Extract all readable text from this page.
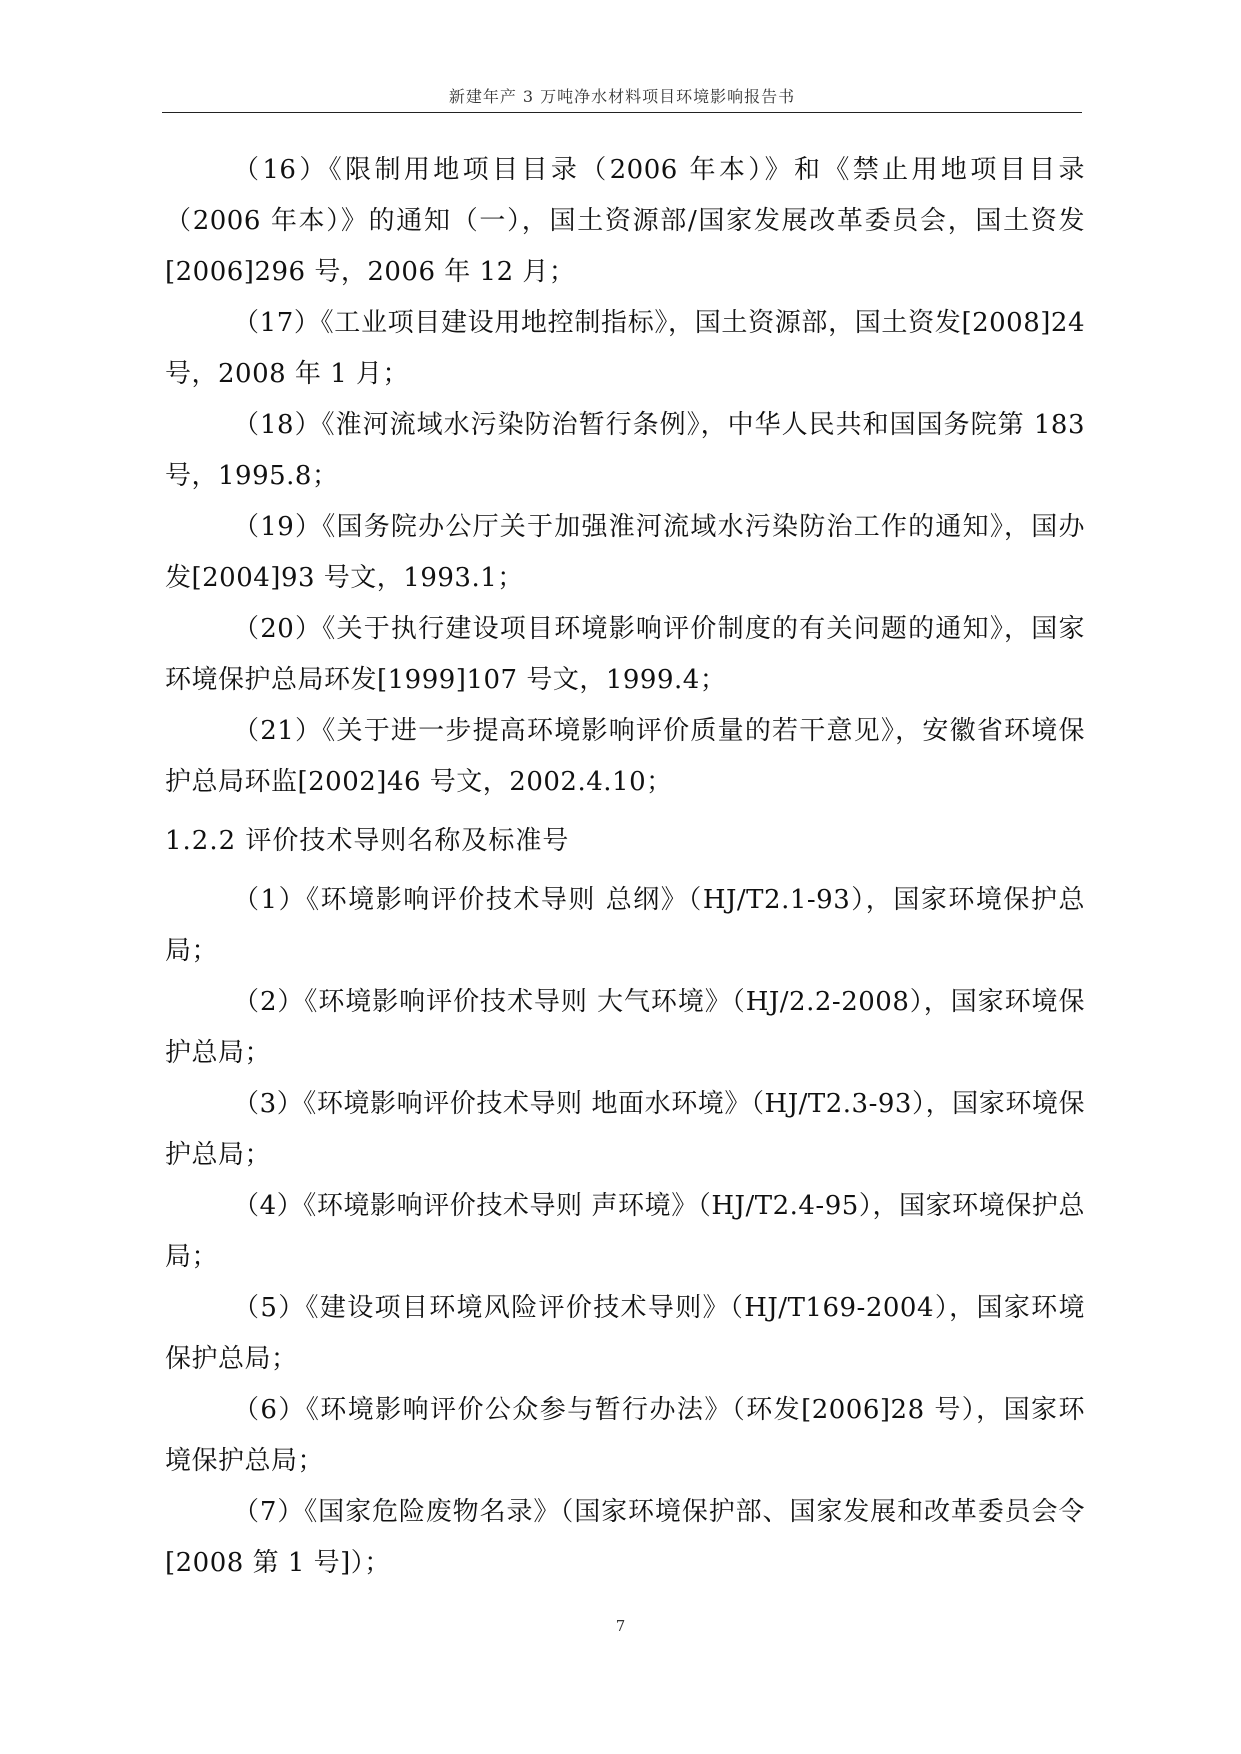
新建年产 3 万吨净水材料项目环境影响报告书

（16）《限制用地项目目录（2006 年本）》和《禁止用地项目目录（2006 年本）》的通知（一），国土资源部/国家发展改革委员会，国土资发[2006]296 号，2006 年 12 月；

（17）《工业项目建设用地控制指标》，国土资源部，国土资发[2008]24 号，2008 年 1 月；

（18）《淮河流域水污染防治暂行条例》，中华人民共和国国务院第 183 号，1995.8；

（19）《国务院办公厅关于加强淮河流域水污染防治工作的通知》，国办发[2004]93 号文，1993.1；

（20）《关于执行建设项目环境影响评价制度的有关问题的通知》，国家环境保护总局环发[1999]107 号文，1999.4；

（21）《关于进一步提高环境影响评价质量的若干意见》，安徽省环境保护总局环监[2002]46 号文，2002.4.10；

1.2.2 评价技术导则名称及标准号

（1）《环境影响评价技术导则 总纲》（HJ/T2.1-93），国家环境保护总局；

（2）《环境影响评价技术导则 大气环境》（HJ/2.2-2008），国家环境保护总局；

（3）《环境影响评价技术导则 地面水环境》（HJ/T2.3-93），国家环境保护总局；

（4）《环境影响评价技术导则 声环境》（HJ/T2.4-95），国家环境保护总局；

（5）《建设项目环境风险评价技术导则》（HJ/T169-2004），国家环境保护总局；

（6）《环境影响评价公众参与暂行办法》（环发[2006]28 号），国家环境保护总局；

（7）《国家危险废物名录》（国家环境保护部、国家发展和改革委员会令[2008 第 1 号]）；

7
